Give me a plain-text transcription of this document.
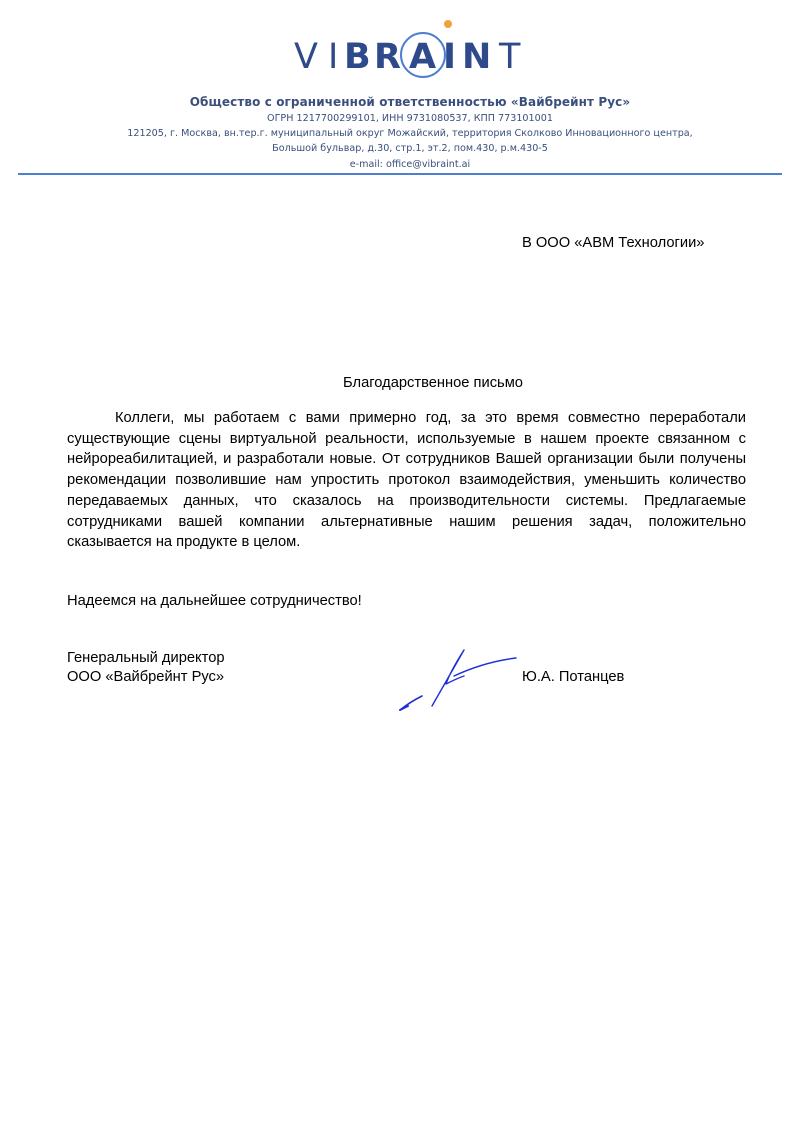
V I B R A I N T
Общество с ограниченной ответственностью «Вайбрейнт Рус»
ОГРН 1217700299101, ИНН 9731080537, КПП 773101001
121205, г. Москва, вн.тер.г. муниципальный округ Можайский, территория Сколково Инновационного центра,
Большой бульвар, д.30, стр.1, эт.2, пом.430, р.м.430-5
e-mail: office@vibraint.ai
В ООО «АВМ Технологии»
Благодарственное письмо

Коллеги, мы работаем с вами примерно год, за это время совместно переработали существующие сцены виртуальной реальности, используемые в нашем проекте связанном с нейрореабилитацией, и разработали новые. От сотрудников Вашей организации были получены рекомендации позволившие нам упростить протокол взаимодействия, уменьшить количество передаваемых данных, что сказалось на производительности системы. Предлагаемые сотрудниками вашей компании альтернативные нашим решения задач, положительно сказывается на продукте в целом.

Надеемся на дальнейшее сотрудничество!
Генеральный директор
ООО «Вайбрейнт Рус»	Ю.А. Потанцев
